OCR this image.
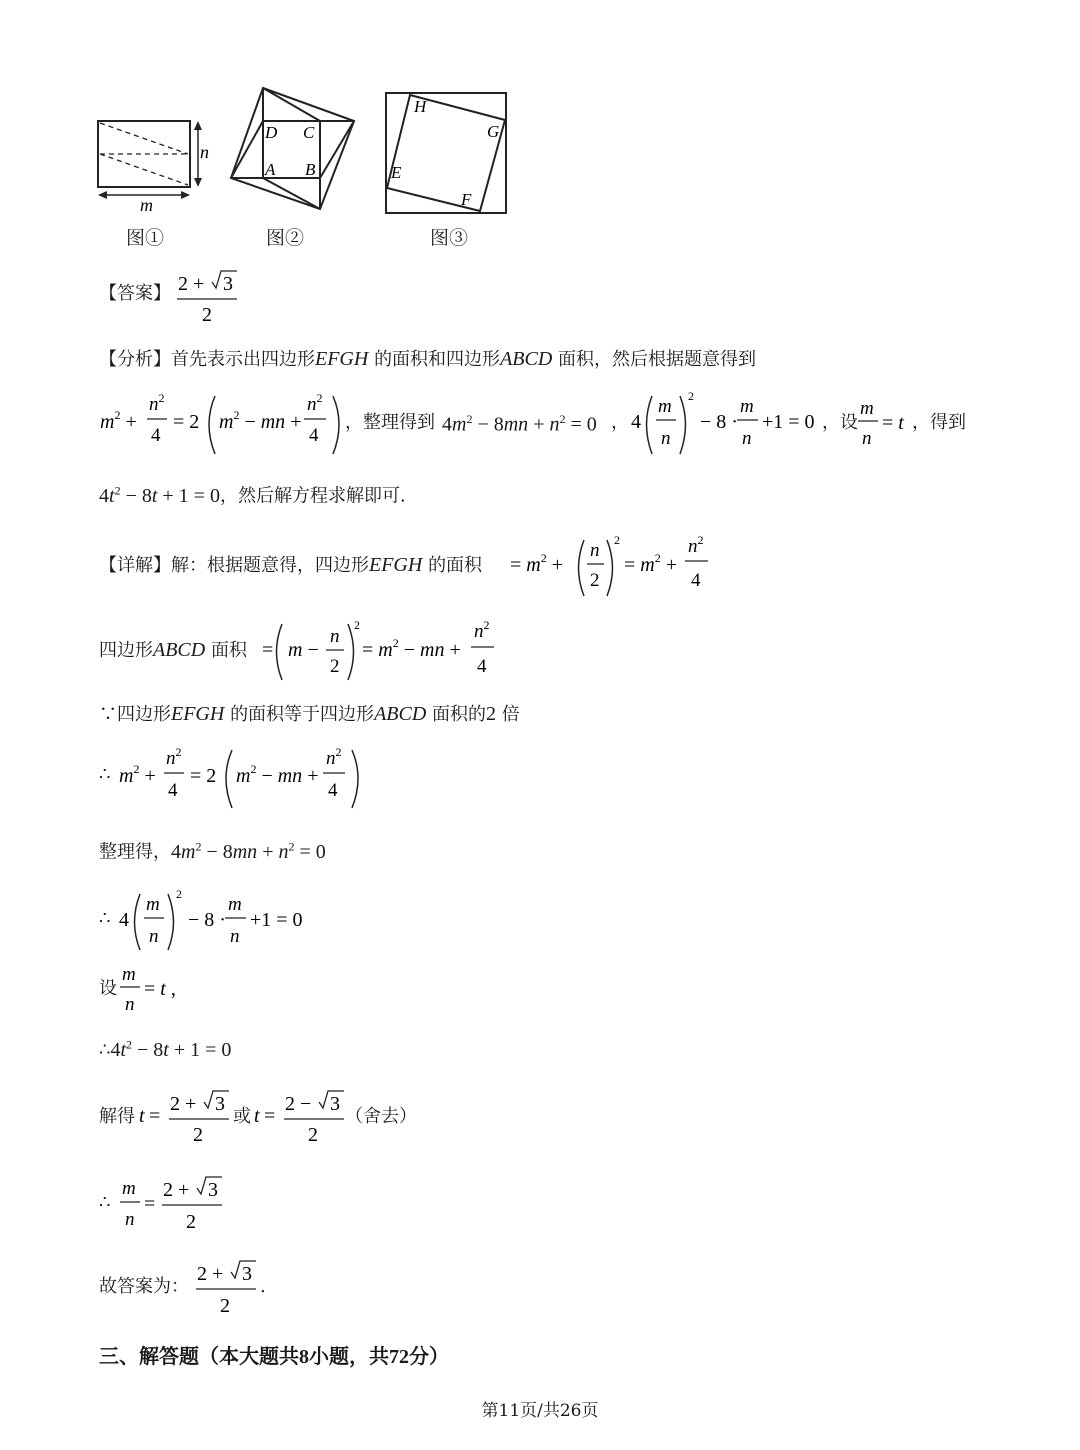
n
m
D C
A B
H
G
E
F
图①	图②	图③
【答案】 2 + 3
2
【分析】首先表示出四边形EFGH 的面积和四边形ABCD 面积，然后根据题意得到
$m^2$ +
$n^2$
4
= 2 $m^2$ − mn +
$n^2$
4
，整理得到 $4m^2 - 8mn + n^2 = 0$ ， 4
m
n
2
− 8 ·
m
n
+1 = 0 ，设
m
n
= t ，得到
$4t^2 - 8t + 1 = 0$，然后解方程求解即可.
【详解】解：根据题意得，四边形EFGH 的面积 = $m^2$ +
n
2
2
= $m^2$ +
$n^2$
4
四边形ABCD 面积 = m −
n
2
2
= $m^2$ − mn +
$n^2$
4
∵四边形EFGH 的面积等于四边形ABCD 面积的2 倍
∴ $m^2$ +
$n^2$
4
= 2 $m^2$ − mn +
$n^2$
4
整理得，$4m^2 - 8mn + n^2 = 0$
∴ 4
m
n
2
− 8 ·
m
n
+1 = 0
设
m
n
= t ,
$\therefore 4t^2 - 8t + 1 = 0$
解得 t =
2 + 3
2
或 t =
2 − 3
2
（舍去）
∴
m
n
=
2 + 3
2
故答案为：
2 + 3
2
.
三、解答题（本大题共8小题，共72分）
第11页/共26页
